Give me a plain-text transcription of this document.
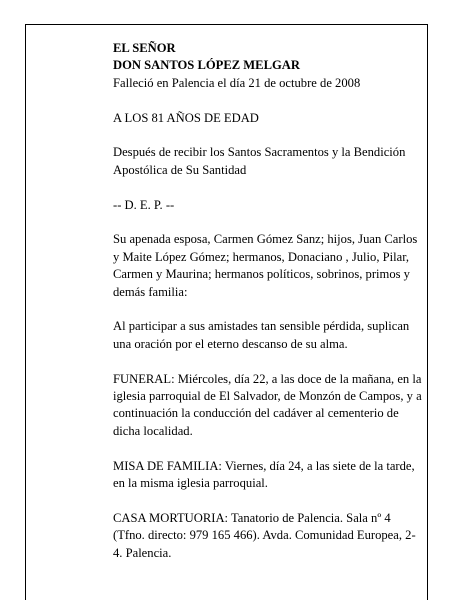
EL SEÑOR
DON SANTOS LÓPEZ MELGAR
Falleció en Palencia el día 21 de octubre de 2008

A LOS 81 AÑOS DE EDAD

Después de recibir los Santos Sacramentos y la Bendición Apostólica de Su Santidad

-- D. E. P. --

Su apenada esposa, Carmen Gómez Sanz; hijos, Juan Carlos y Maite López Gómez; hermanos, Donaciano , Julio, Pilar, Carmen y Maurina; hermanos políticos, sobrinos, primos y demás familia:

Al participar a sus amistades tan sensible pérdida, suplican una oración por el eterno descanso de su alma.

FUNERAL: Miércoles, día 22, a las doce de la mañana, en la iglesia parroquial de El Salvador, de Monzón de Campos, y a continuación la conducción del cadáver al cementerio de dicha localidad.

MISA DE FAMILIA: Viernes, día 24, a las siete de la tarde, en la misma iglesia parroquial.

CASA MORTUORIA: Tanatorio de Palencia. Sala nº 4 (Tfno. directo: 979 165 466). Avda. Comunidad Europea, 2-4. Palencia.
